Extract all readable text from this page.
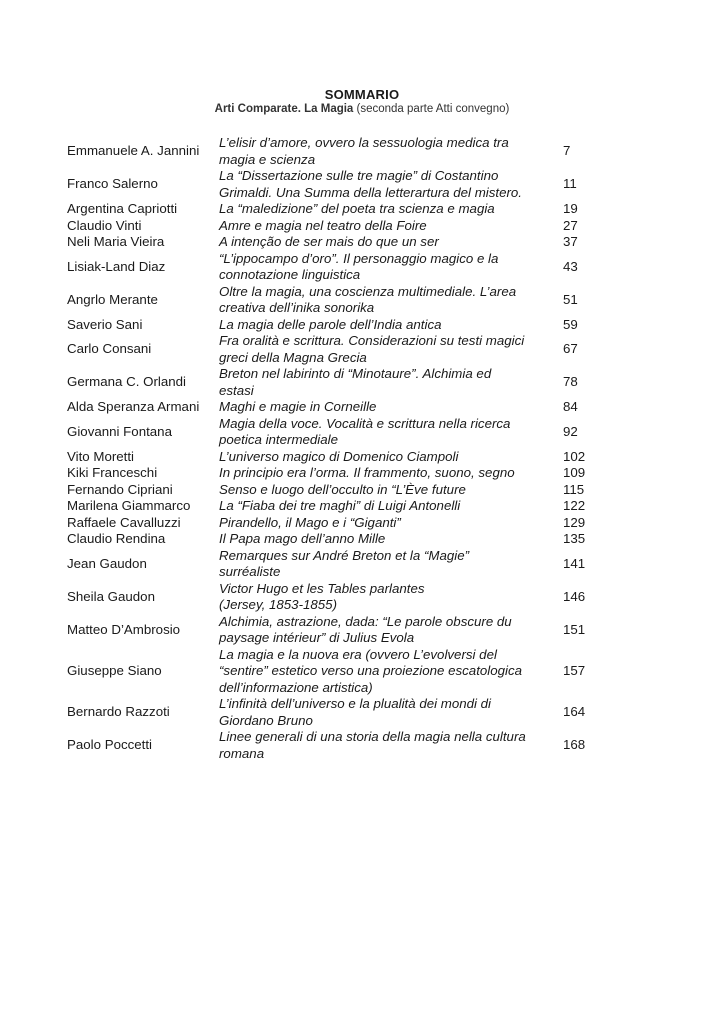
SOMMARIO
Arti Comparate. La Magia (seconda parte Atti convegno)
Emmanuele A. Jannini	L’elisir d’amore, ovvero la sessuologia medica tra
magia e scienza	7
Franco Salerno	La “Dissertazione sulle tre magie” di Costantino
Grimaldi. Una Summa della letterartura del mistero.	11
Argentina Capriotti	La “maledizione” del poeta tra scienza e magia	19
Claudio Vinti	Amre e magia nel teatro della Foire	27
Neli Maria Vieira	A intenção de ser mais do que un ser	37
Lisiak-Land Diaz	“L’ippocampo d’oro”. Il personaggio magico e la
connotazione linguistica	43
Angrlo Merante	Oltre la magia, una coscienza multimediale. L’area
creativa dell’inika sonorika	51
Saverio Sani	La magia delle parole dell’India antica	59
Carlo Consani	Fra oralità e scrittura. Considerazioni su testi magici
greci della Magna Grecia	67
Germana C. Orlandi	Breton nel labirinto di “Minotaure”. Alchimia ed
estasi	78
Alda Speranza Armani	Maghi e magie in Corneille	84
Giovanni Fontana	Magia della voce. Vocalità e scrittura nella ricerca
poetica intermediale	92
Vito Moretti	L’universo magico di Domenico Ciampoli	102
Kiki Franceschi	In principio era l’orma. Il frammento, suono, segno	109
Fernando Cipriani	Senso e luogo dell’occulto in “L’Ève future	115
Marilena Giammarco	La “Fiaba dei tre maghi” di Luigi Antonelli	122
Raffaele Cavalluzzi	Pirandello, il Mago e i “Giganti”	129
Claudio Rendina	Il Papa mago dell’anno Mille	135
Jean Gaudon	Remarques sur André Breton et la “Magie”
surréaliste	141
Sheila Gaudon	Victor Hugo et les Tables parlantes
(Jersey, 1853-1855)	146
Matteo D’Ambrosio	Alchimia, astrazione, dada: “Le parole obscure du
paysage intérieur” di Julius Evola	151
Giuseppe Siano	La magia e la nuova era (ovvero L’evolversi del
“sentire” estetico verso una proiezione escatologica
dell’informazione artistica)	157
Bernardo Razzoti	L’infinità dell’universo e la plualità dei mondi di
Giordano Bruno	164
Paolo Poccetti	Linee generali di una storia della magia nella cultura
romana	168
